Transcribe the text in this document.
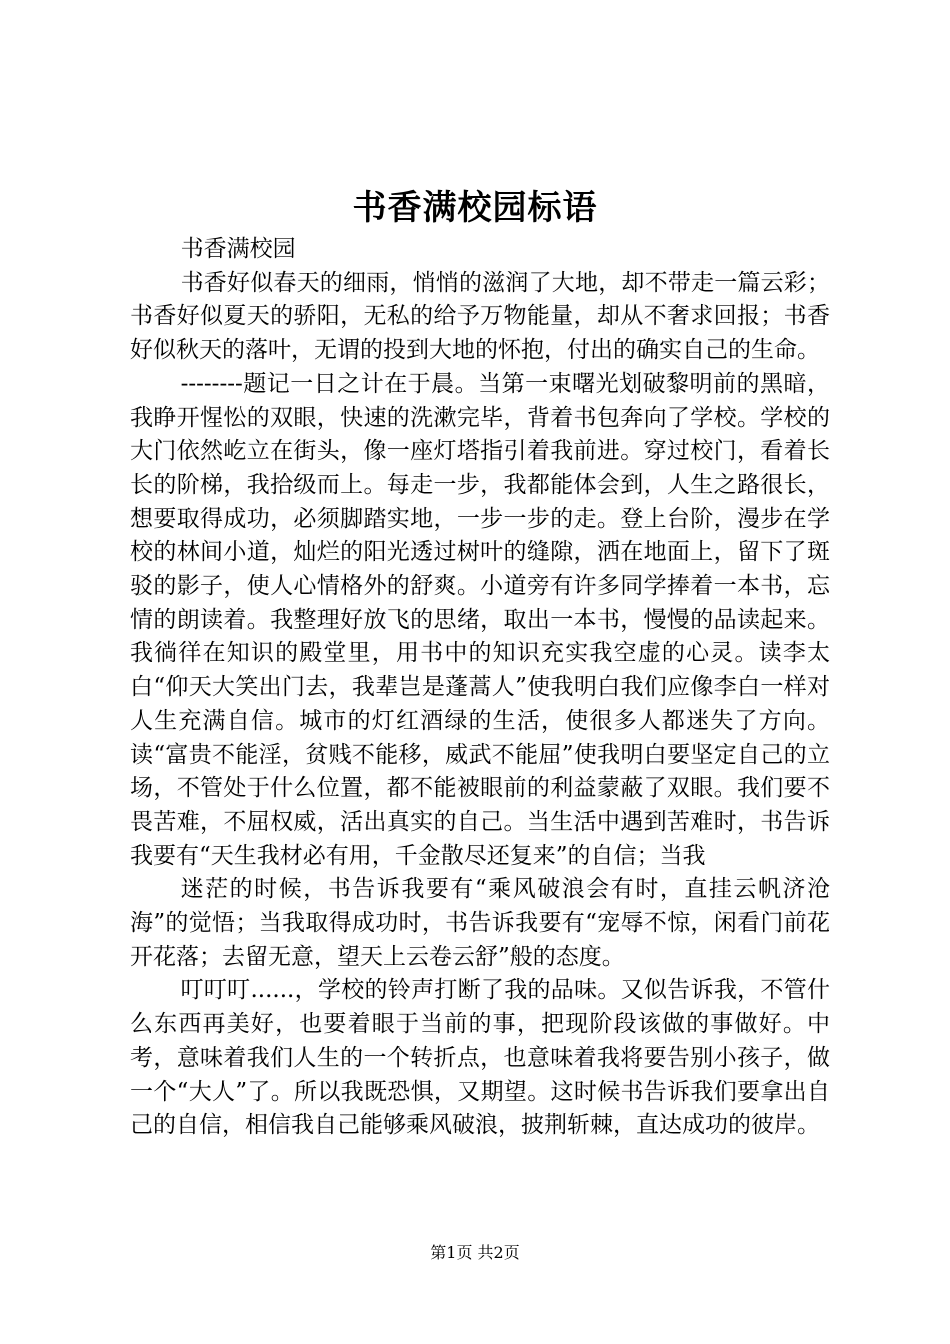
书香满校园标语

书香满校园

书香好似春天的细雨，悄悄的滋润了大地，却不带走一篇云彩；书香好似夏天的骄阳，无私的给予万物能量，却从不奢求回报；书香好似秋天的落叶，无谓的投到大地的怀抱，付出的确实自己的生命。

--------题记一日之计在于晨。当第一束曙光划破黎明前的黑暗，我睁开惺忪的双眼，快速的洗漱完毕，背着书包奔向了学校。学校的大门依然屹立在街头，像一座灯塔指引着我前进。穿过校门，看着长长的阶梯，我拾级而上。每走一步，我都能体会到，人生之路很长，想要取得成功，必须脚踏实地，一步一步的走。登上台阶，漫步在学校的林间小道，灿烂的阳光透过树叶的缝隙，洒在地面上，留下了斑驳的影子，使人心情格外的舒爽。小道旁有许多同学捧着一本书，忘情的朗读着。我整理好放飞的思绪，取出一本书，慢慢的品读起来。我徜徉在知识的殿堂里，用书中的知识充实我空虚的心灵。读李太白“仰天大笑出门去，我辈岂是蓬蒿人”使我明白我们应像李白一样对人生充满自信。城市的灯红酒绿的生活，使很多人都迷失了方向。读“富贵不能淫，贫贱不能移，威武不能屈”使我明白要坚定自己的立场，不管处于什么位置，都不能被眼前的利益蒙蔽了双眼。我们要不畏苦难，不屈权威，活出真实的自己。当生活中遇到苦难时，书告诉我要有“天生我材必有用，千金散尽还复来”的自信；当我

迷茫的时候，书告诉我要有“乘风破浪会有时，直挂云帆济沧海”的觉悟；当我取得成功时，书告诉我要有“宠辱不惊，闲看门前花开花落；去留无意，望天上云卷云舒”般的态度。

叮叮叮......，学校的铃声打断了我的品味。又似告诉我，不管什么东西再美好，也要着眼于当前的事，把现阶段该做的事做好。中考，意味着我们人生的一个转折点，也意味着我将要告别小孩子，做一个“大人”了。所以我既恐惧，又期望。这时候书告诉我们要拿出自己的自信，相信我自己能够乘风破浪，披荆斩棘，直达成功的彼岸。

第1页 共2页
